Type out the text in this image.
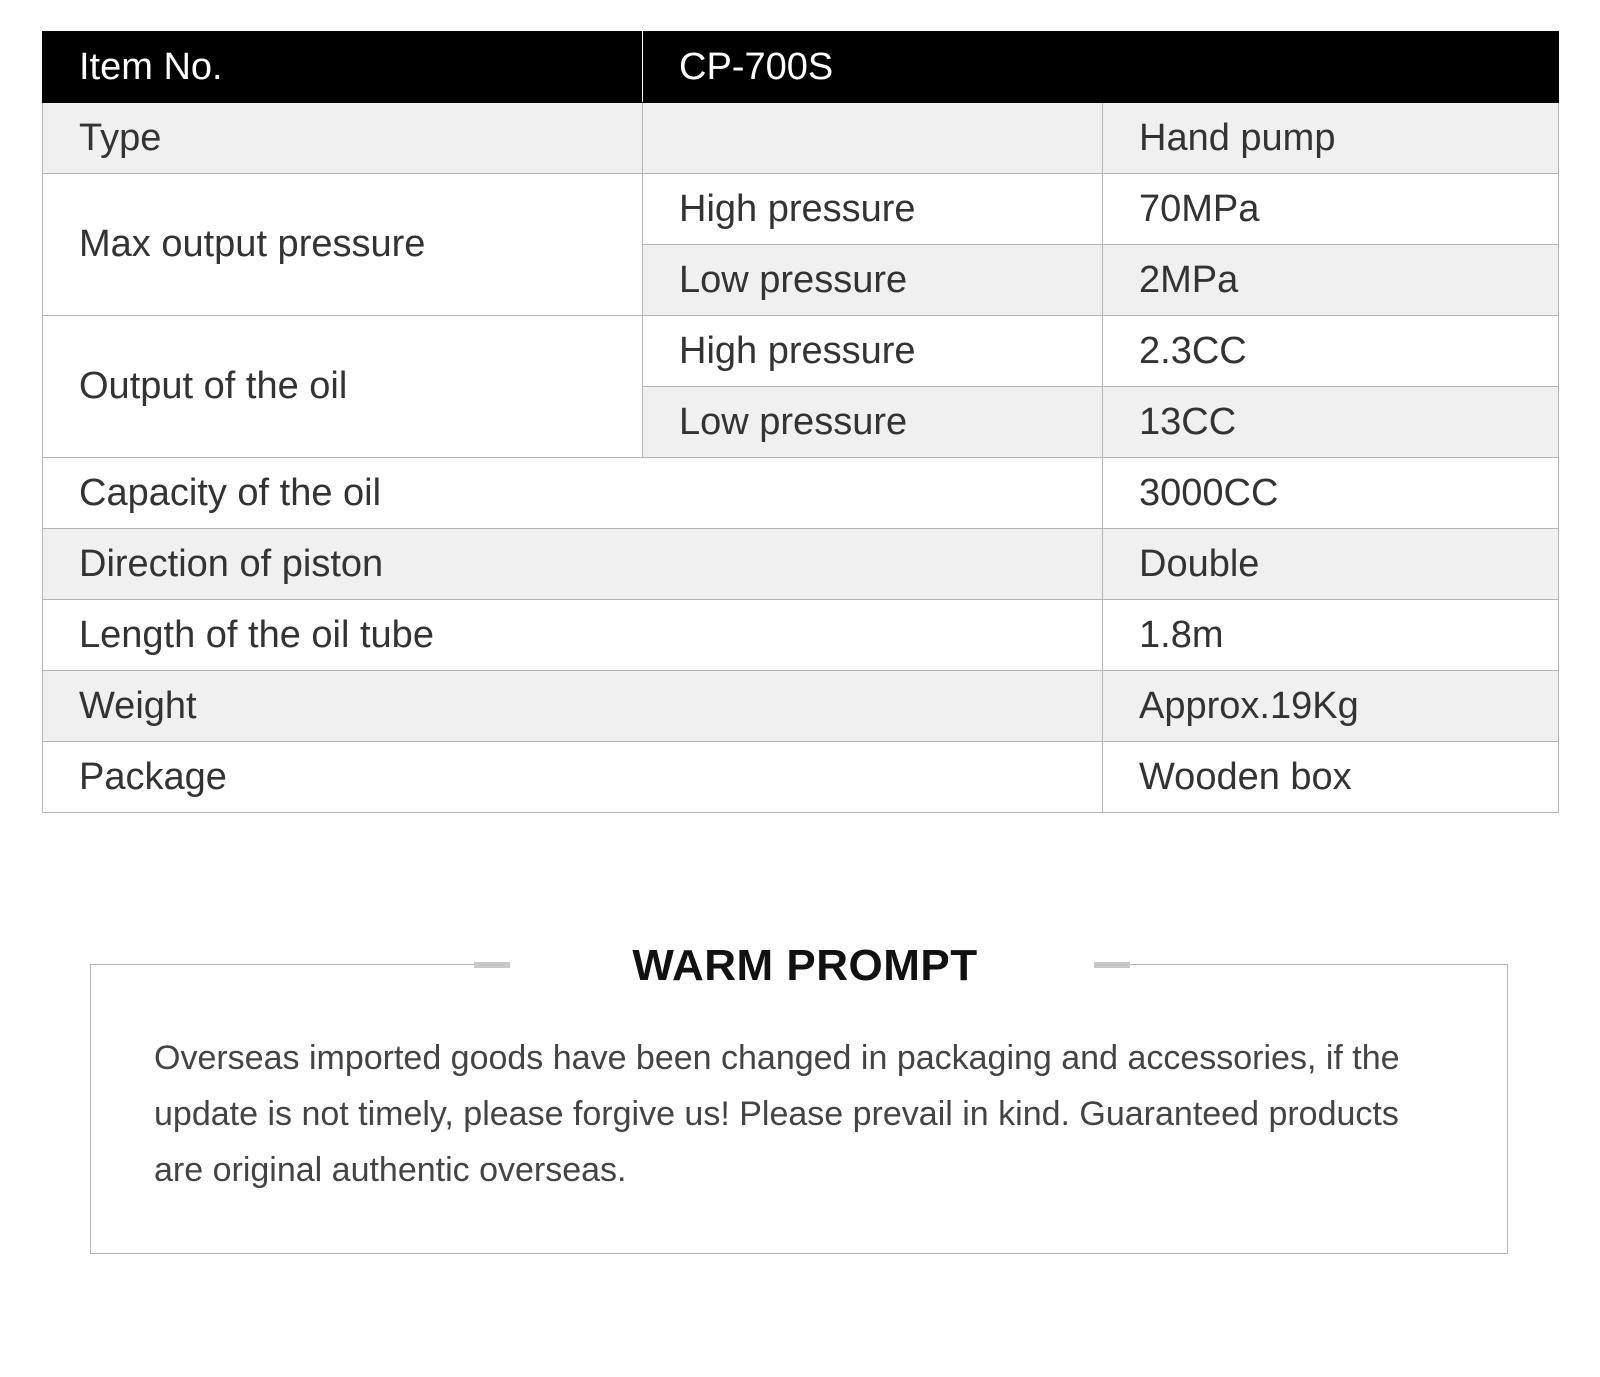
Item No.	CP-700S	
Type		Hand pump
Max output pressure	High pressure	70MPa
	Low pressure	2MPa
Output of the oil	High pressure	2.3CC
	Low pressure	13CC
Capacity of the oil		3000CC
Direction of piston		Double
Length of the oil tube		1.8m
Weight		Approx.19Kg
Package		Wooden box
WARM PROMPT
Overseas imported goods have been changed in packaging and accessories, if the
update is not timely, please forgive us! Please prevail in kind. Guaranteed products
are original authentic overseas.
